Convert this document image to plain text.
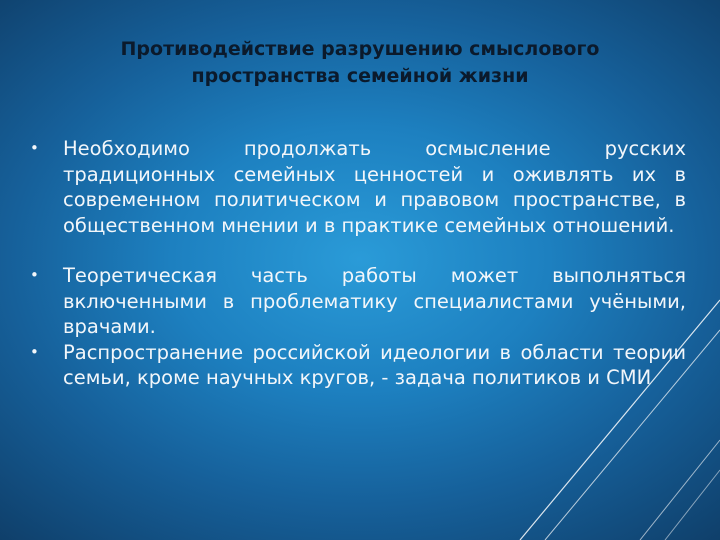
Противодействие разрушению смыслового
пространства семейной жизни
• Необходимо продолжать осмысление русских традиционных семейных ценностей и оживлять их в современном политическом и правовом пространстве, в общественном мнении и в практике семейных отношений.
• Теоретическая часть работы может выполняться включенными в проблематику специалистами учёными, врачами.
• Распространение российской идеологии в области теории семьи, кроме научных кругов, - задача политиков и СМИ
